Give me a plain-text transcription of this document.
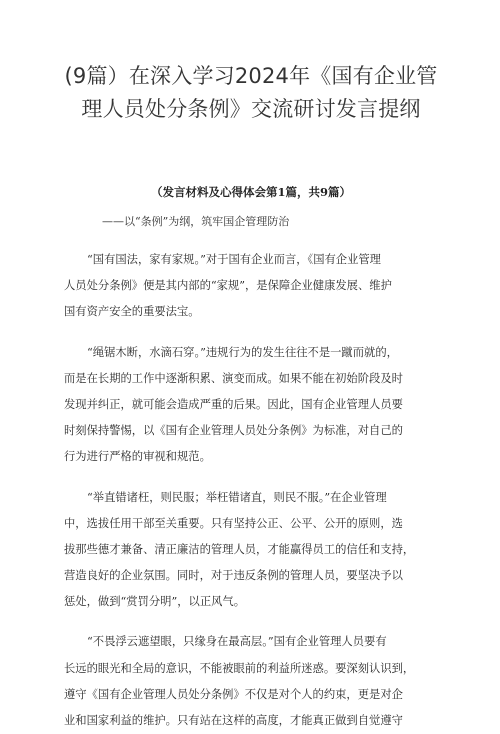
(9篇）在深入学习2024年《国有企业管
理人员处分条例》交流研讨发言提纲
（发言材料及心得体会第1篇，共9篇）
——以“条例”为纲，筑牢国企管理防治

“国有国法，家有家规。”对于国有企业而言，《国有企业管理
人员处分条例》便是其内部的“家规”，是保障企业健康发展、维护
国有资产安全的重要法宝。

“绳锯木断，水滴石穿。”违规行为的发生往往不是一蹴而就的，
而是在长期的工作中逐渐积累、演变而成。如果不能在初始阶段及时
发现并纠正，就可能会造成严重的后果。因此，国有企业管理人员要
时刻保持警惕，以《国有企业管理人员处分条例》为标准，对自己的
行为进行严格的审视和规范。

“举直错诸枉，则民服；举枉错诸直，则民不服。”在企业管理
中，选拔任用干部至关重要。只有坚持公正、公平、公开的原则，选
拔那些德才兼备、清正廉洁的管理人员，才能赢得员工的信任和支持，
营造良好的企业氛围。同时，对于违反条例的管理人员，要坚决予以
惩处，做到“赏罚分明”，以正风气。

“不畏浮云遮望眼，只缘身在最高层。”国有企业管理人员要有
长远的眼光和全局的意识，不能被眼前的利益所迷惑。要深刻认识到，
遵守《国有企业管理人员处分条例》不仅是对个人的约束，更是对企
业和国家利益的维护。只有站在这样的高度，才能真正做到自觉遵守
